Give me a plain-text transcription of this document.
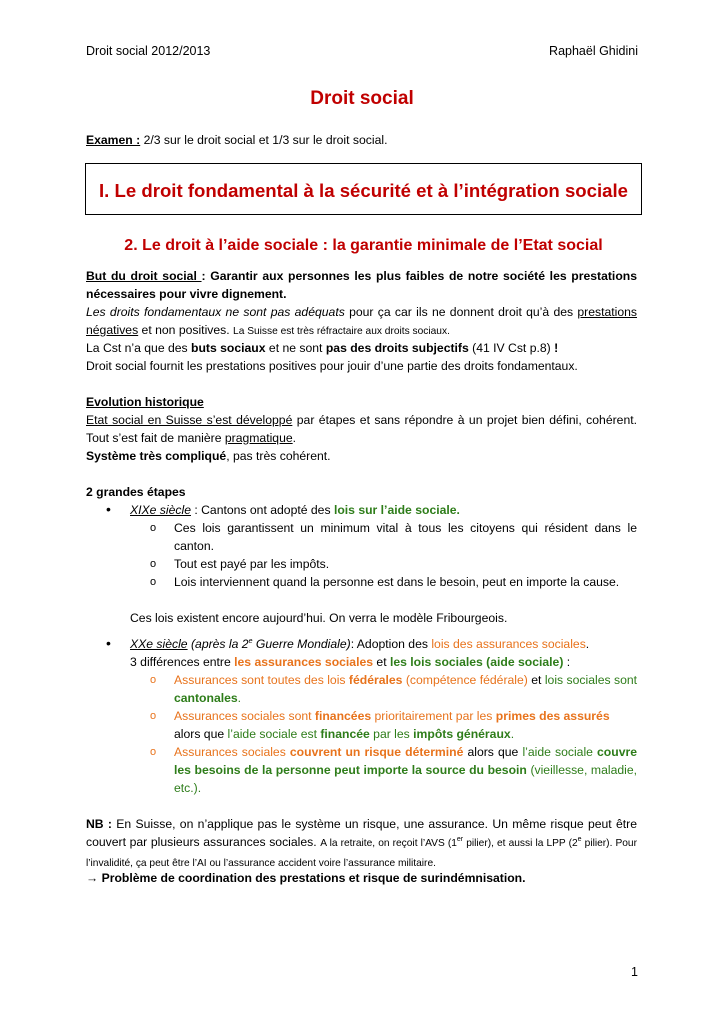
Droit social 2012/2013	Raphaël Ghidini
Droit social
Examen : 2/3 sur le droit social et 1/3 sur le droit social.
I. Le droit fondamental à la sécurité et à l’intégration sociale
2. Le droit à l’aide sociale : la garantie minimale de l’Etat social
But du droit social : Garantir aux personnes les plus faibles de notre société les prestations nécessaires pour vivre dignement.
Les droits fondamentaux ne sont pas adéquats pour ça car ils ne donnent droit qu’à des prestations négatives et non positives. La Suisse est très réfractaire aux droits sociaux.
La Cst n’a que des buts sociaux et ne sont pas des droits subjectifs (41 IV Cst p.8) !
Droit social fournit les prestations positives pour jouir d’une partie des droits fondamentaux.
Evolution historique
Etat social en Suisse s’est développé par étapes et sans répondre à un projet bien défini, cohérent. Tout s’est fait de manière pragmatique.
Système très compliqué, pas très cohérent.
2 grandes étapes
• XIXe siècle : Cantons ont adopté des lois sur l’aide sociale.
o Ces lois garantissent un minimum vital à tous les citoyens qui résident dans le canton.
o Tout est payé par les impôts.
o Lois interviennent quand la personne est dans le besoin, peut en importe la cause.
Ces lois existent encore aujourd’hui. On verra le modèle Fribourgeois.
• XXe siècle (après la 2e Guerre Mondiale): Adoption des lois des assurances sociales.
3 différences entre les assurances sociales et les lois sociales (aide sociale) :
o Assurances sont toutes des lois fédérales (compétence fédérale) et lois sociales sont cantonales.
o Assurances sociales sont financées prioritairement par les primes des assurés
alors que l’aide sociale est financée par les impôts généraux.
o Assurances sociales couvrent un risque déterminé alors que l’aide sociale couvre les besoins de la personne peut importe la source du besoin (vieillesse, maladie, etc.).
NB : En Suisse, on n’applique pas le système un risque, une assurance. Un même risque peut être couvert par plusieurs assurances sociales. A la retraite, on reçoit l’AVS (1er pilier), et aussi la LPP (2e pilier). Pour l’invalidité, ça peut être l’AI ou l’assurance accident voire l’assurance militaire.
→ Problème de coordination des prestations et risque de surindémnisation.
1
